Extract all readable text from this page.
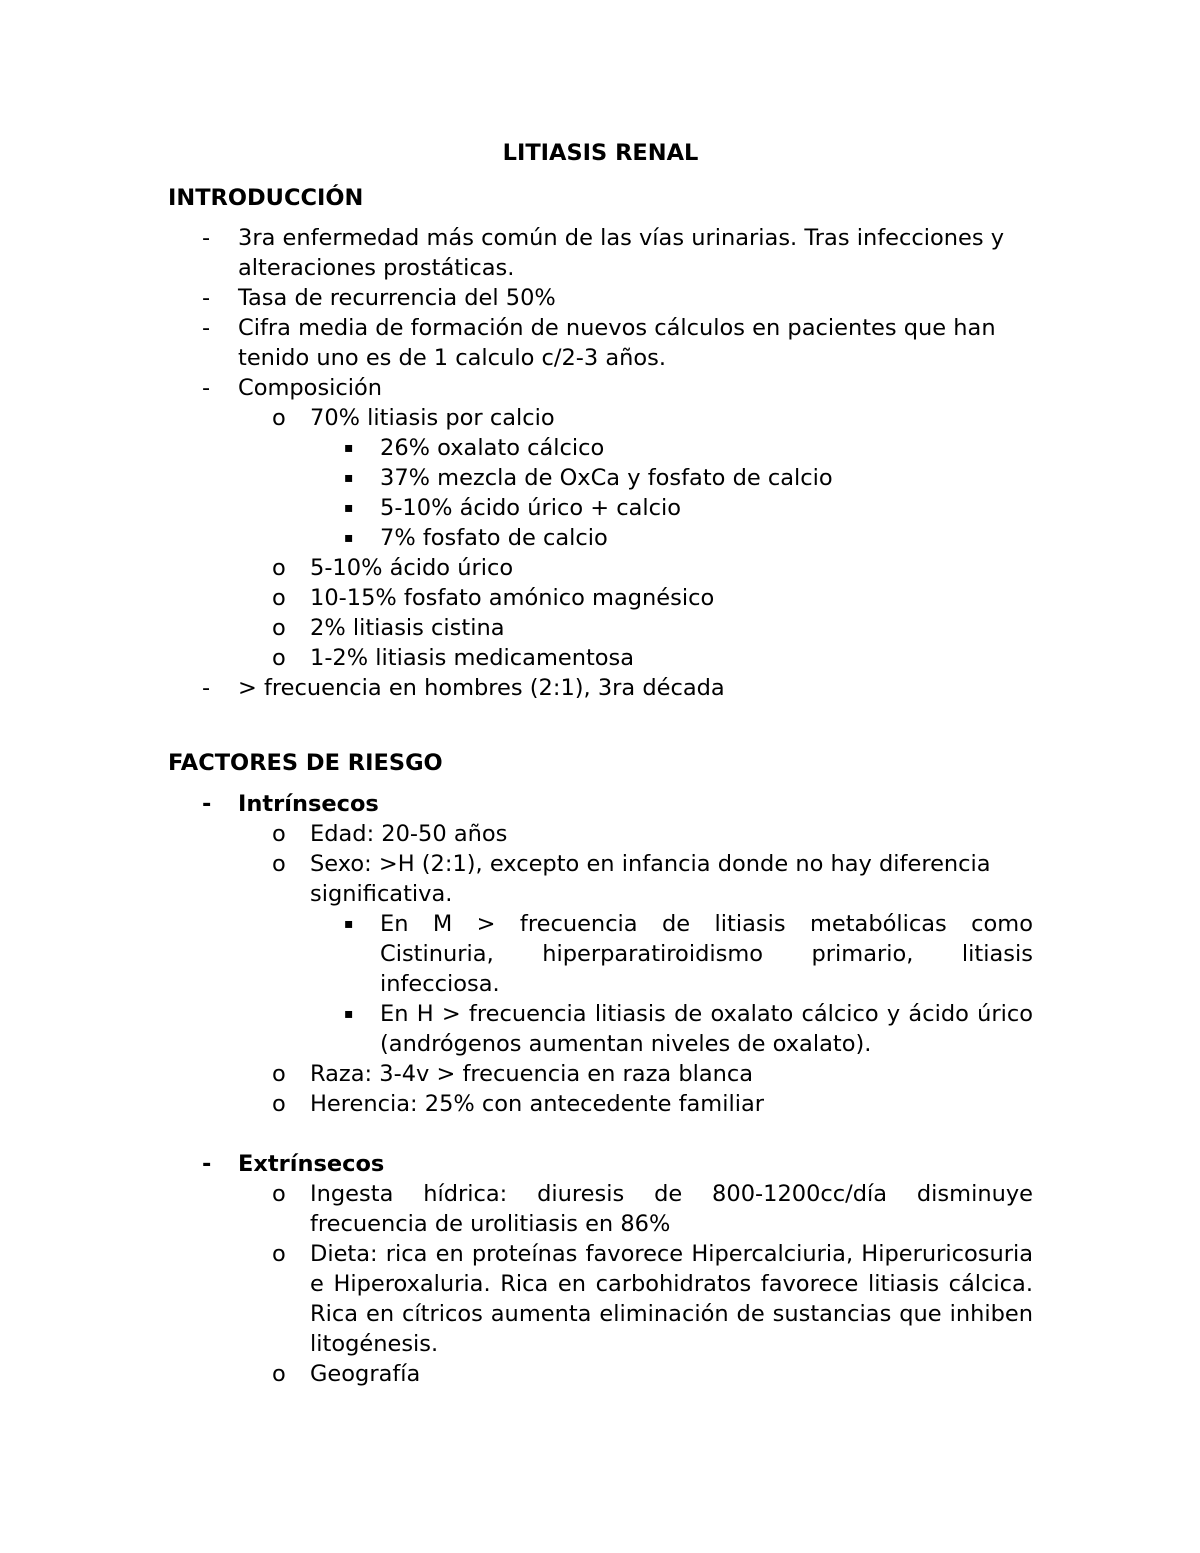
LITIASIS RENAL

INTRODUCCIÓN

- 3ra enfermedad más común de las vías urinarias. Tras infecciones y alteraciones prostáticas.
- Tasa de recurrencia del 50%
- Cifra media de formación de nuevos cálculos en pacientes que han tenido uno es de 1 calculo c/2-3 años.
- Composición
o 70% litiasis por calcio
▪ 26% oxalato cálcico
▪ 37% mezcla de OxCa y fosfato de calcio
▪ 5-10% ácido úrico + calcio
▪ 7% fosfato de calcio
o 5-10% ácido úrico
o 10-15% fosfato amónico magnésico
o 2% litiasis cistina
o 1-2% litiasis medicamentosa
- > frecuencia en hombres (2:1), 3ra década

FACTORES DE RIESGO

- Intrínsecos
o Edad: 20-50 años
o Sexo: >H (2:1), excepto en infancia donde no hay diferencia significativa.
▪ En M > frecuencia de litiasis metabólicas como Cistinuria, hiperparatiroidismo primario, litiasis infecciosa.
▪ En H > frecuencia litiasis de oxalato cálcico y ácido úrico (andrógenos aumentan niveles de oxalato).
o Raza: 3-4v > frecuencia en raza blanca
o Herencia: 25% con antecedente familiar
- Extrínsecos
o Ingesta hídrica: diuresis de 800-1200cc/día disminuye frecuencia de urolitiasis en 86%
o Dieta: rica en proteínas favorece Hipercalciuria, Hiperuricosuria e Hiperoxaluria. Rica en carbohidratos favorece litiasis cálcica. Rica en cítricos aumenta eliminación de sustancias que inhiben litogénesis.
o Geografía
